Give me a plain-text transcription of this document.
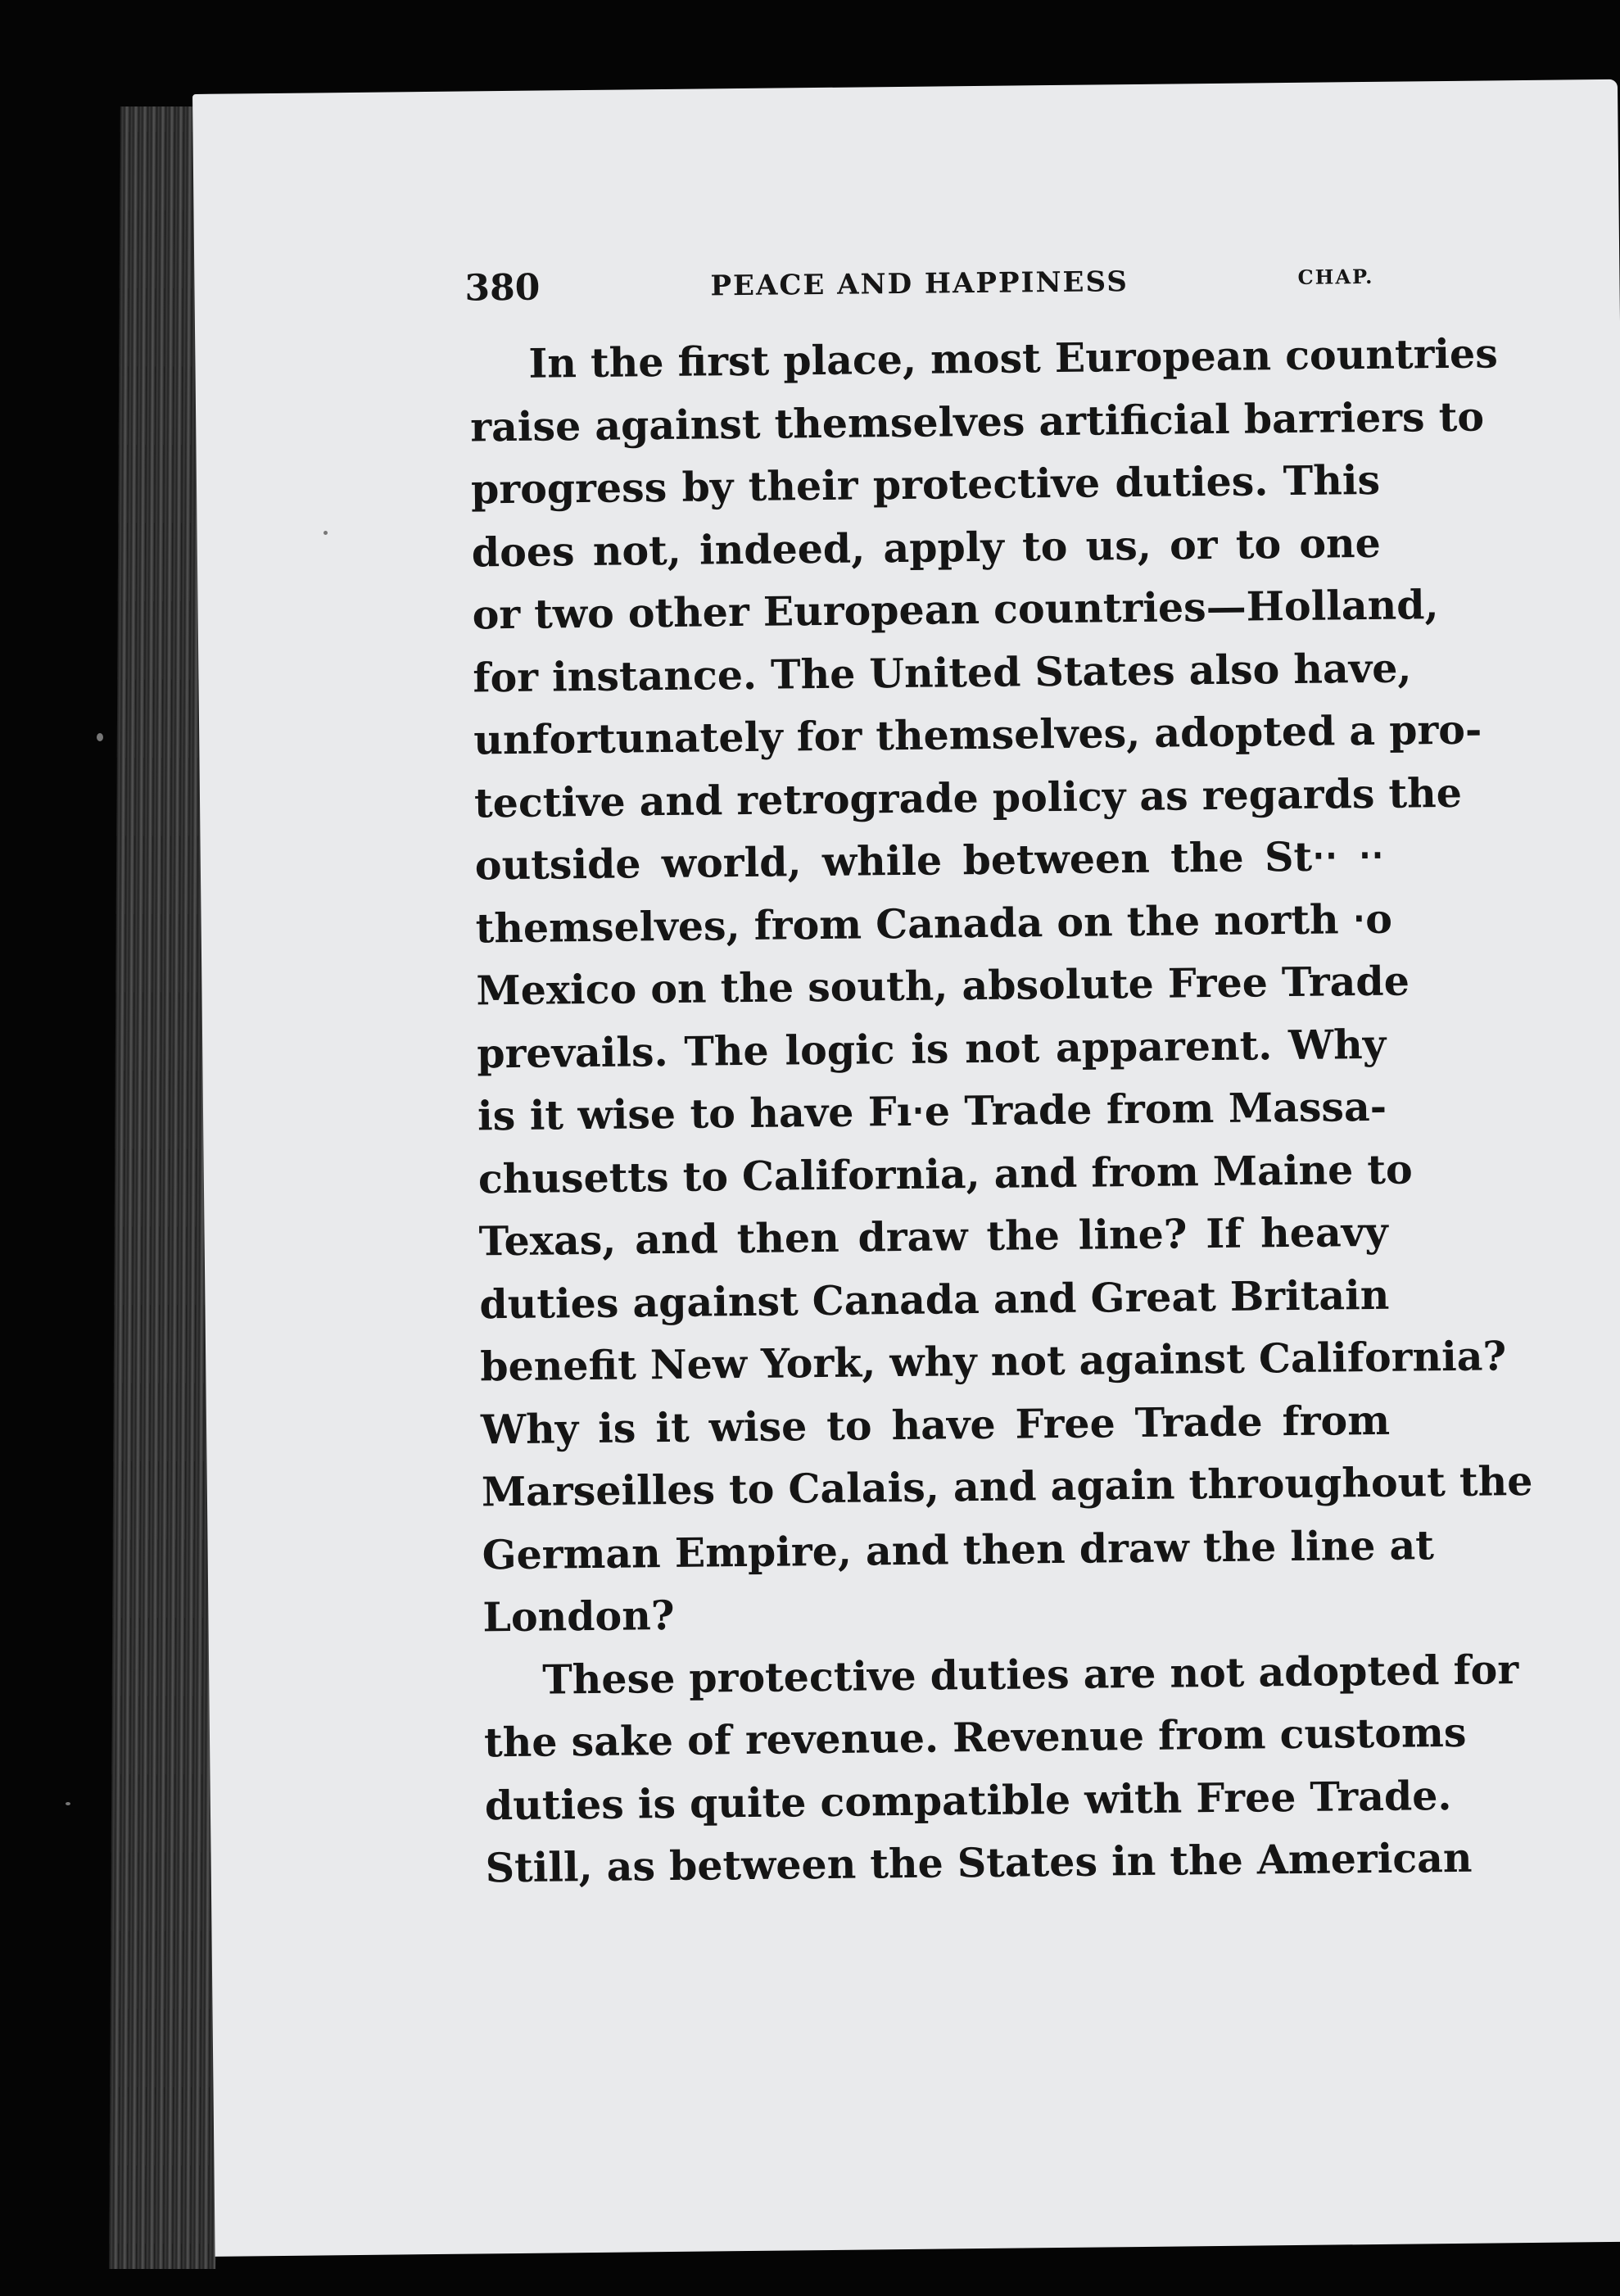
380	PEACE AND HAPPINESS	CHAP.

In the first place, most European countries
raise against themselves artificial barriers to
progress by their protective duties. This
does not, indeed, apply to us, or to one
or two other European countries—Holland,
for instance. The United States also have,
unfortunately for themselves, adopted a pro-
tective and retrograde policy as regards the
outside world, while between the St‧‧ ‧‧
themselves, from Canada on the north ‧o
Mexico on the south, absolute Free Trade
prevails. The logic is not apparent. Why
is it wise to have Fı‧e Trade from Massa-
chusetts to California, and from Maine to
Texas, and then draw the line? If heavy
duties against Canada and Great Britain
benefit New York, why not against California?
Why is it wise to have Free Trade from
Marseilles to Calais, and again throughout the
German Empire, and then draw the line at
London?

These protective duties are not adopted for
the sake of revenue. Revenue from customs
duties is quite compatible with Free Trade.
Still, as between the States in the American
